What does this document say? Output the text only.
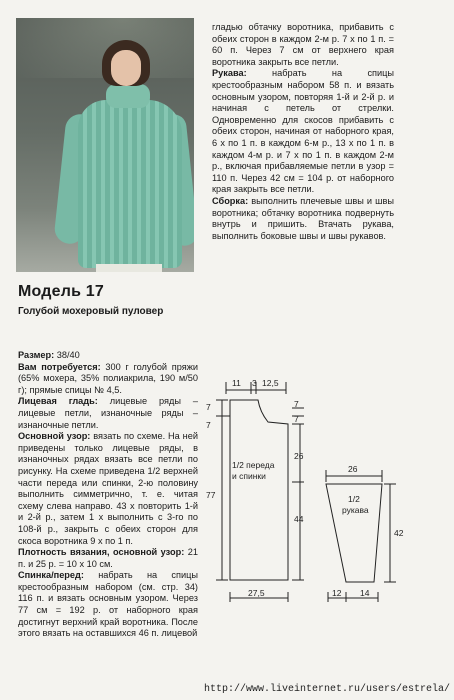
гладью обтачку воротника, прибавить с обеих сторон в каждом 2-м р. 7 х по 1 п. = 60 п. Через 7 см от верхнего края воротника закрыть все петли.

Рукава:	набрать на спицы крестообразным набором 58 п. и вязать основным узором, повторяя 1-й и 2-й р. и начиная с петель от стрелки. Одновременно для скосов прибавить с обеих сторон, начиная от наборного края, 6 х по 1 п. в каждом 6-м р., 13 х по 1 п. в каждом 4-м р. и 7 х по 1 п. в каждом 2-м р., включая прибавляемые петли в узор = 110 п. Через 42 см = 104 р. от наборного края закрыть все петли.

Сборка: выполнить плечевые швы и швы воротника; обтачку воротника подвернуть внутрь и пришить. Втачать рукава, выполнить боковые швы и швы рукавов.

Модель 17
Голубой мохеровый пуловер

Размер: 38/40

Вам потребуется: 300 г голубой пряжи (65% мохера, 35% полиакрила, 190 м/50 г); прямые спицы № 4,5.

Лицевая гладь: лицевые ряды – лицевые петли, изнаночные ряды – изнаночные петли.

Основной узор: вязать по схеме. На ней приведены только лицевые ряды, в изнаночных рядах вязать все петли по рисунку. На схеме приведена 1/2 верхней части переда или спинки, 2-ю половину выполнить симметрично, т. е. читая схему слева направо. 43 х повторить 1-й и 2-й р., затем 1 х выполнить с 3-го по 108-й р., закрыть с обеих сторон для скоса воротника 9 х по 1 п.

Плотность вязания, основной узор: 21 п. и 25 р. = 10 х 10 см.

Спинка/перед: набрать на спицы крестообразным набором (см. стр. 34) 116 п. и вязать основным узором. Через 77 см = 192 р. от наборного края достигнут верхний край воротника. После этого вязать на оставшихся 46 п. лицевой

11 3 12,5
7
7
7
7
77
1/2 переда
и спинки
26
44
27,5
26
1/2
рукава
42
12 14
http://www.liveinternet.ru/users/estrela/
